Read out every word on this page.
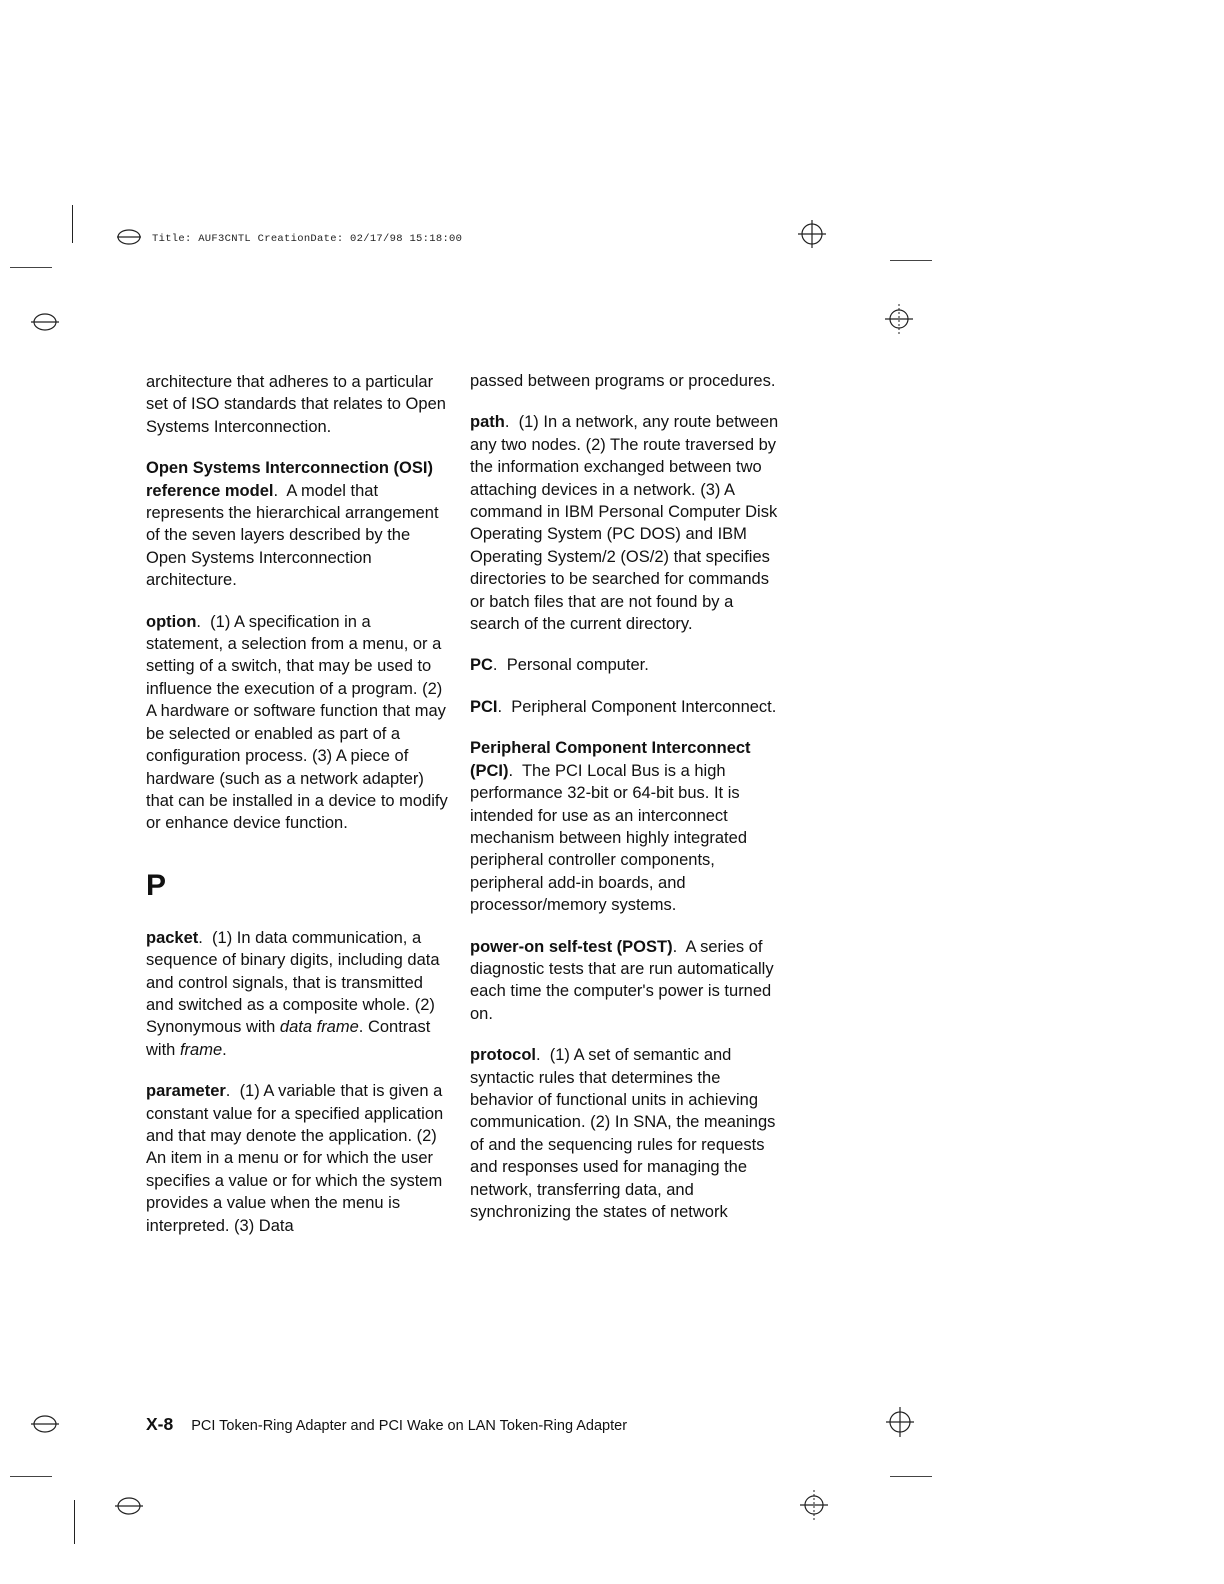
Title: AUF3CNTL CreationDate: 02/17/98 15:18:00

architecture that adheres to a particular set of ISO standards that relates to Open Systems Interconnection.

Open Systems Interconnection (OSI) reference model.  A model that represents the hierarchical arrangement of the seven layers described by the Open Systems Interconnection architecture.

option.  (1) A specification in a statement, a selection from a menu, or a setting of a switch, that may be used to influence the execution of a program. (2) A hardware or software function that may be selected or enabled as part of a configuration process. (3) A piece of hardware (such as a network adapter) that can be installed in a device to modify or enhance device function.

P

packet.  (1) In data communication, a sequence of binary digits, including data and control signals, that is transmitted and switched as a composite whole. (2) Synonymous with data frame. Contrast with frame.

parameter.  (1) A variable that is given a constant value for a specified application and that may denote the application. (2) An item in a menu or for which the user specifies a value or for which the system provides a value when the menu is interpreted. (3) Data

passed between programs or procedures.

path.  (1) In a network, any route between any two nodes. (2) The route traversed by the information exchanged between two attaching devices in a network. (3) A command in IBM Personal Computer Disk Operating System (PC DOS) and IBM Operating System/2 (OS/2) that specifies directories to be searched for commands or batch files that are not found by a search of the current directory.

PC.  Personal computer.

PCI.  Peripheral Component Interconnect.

Peripheral Component Interconnect (PCI).  The PCI Local Bus is a high performance 32-bit or 64-bit bus. It is intended for use as an interconnect mechanism between highly integrated peripheral controller components, peripheral add-in boards, and processor/memory systems.

power-on self-test (POST).  A series of diagnostic tests that are run automatically each time the computer's power is turned on.

protocol.  (1) A set of semantic and syntactic rules that determines the behavior of functional units in achieving communication. (2) In SNA, the meanings of and the sequencing rules for requests and responses used for managing the network, transferring data, and synchronizing the states of network

X-8 PCI Token-Ring Adapter and PCI Wake on LAN Token-Ring Adapter
